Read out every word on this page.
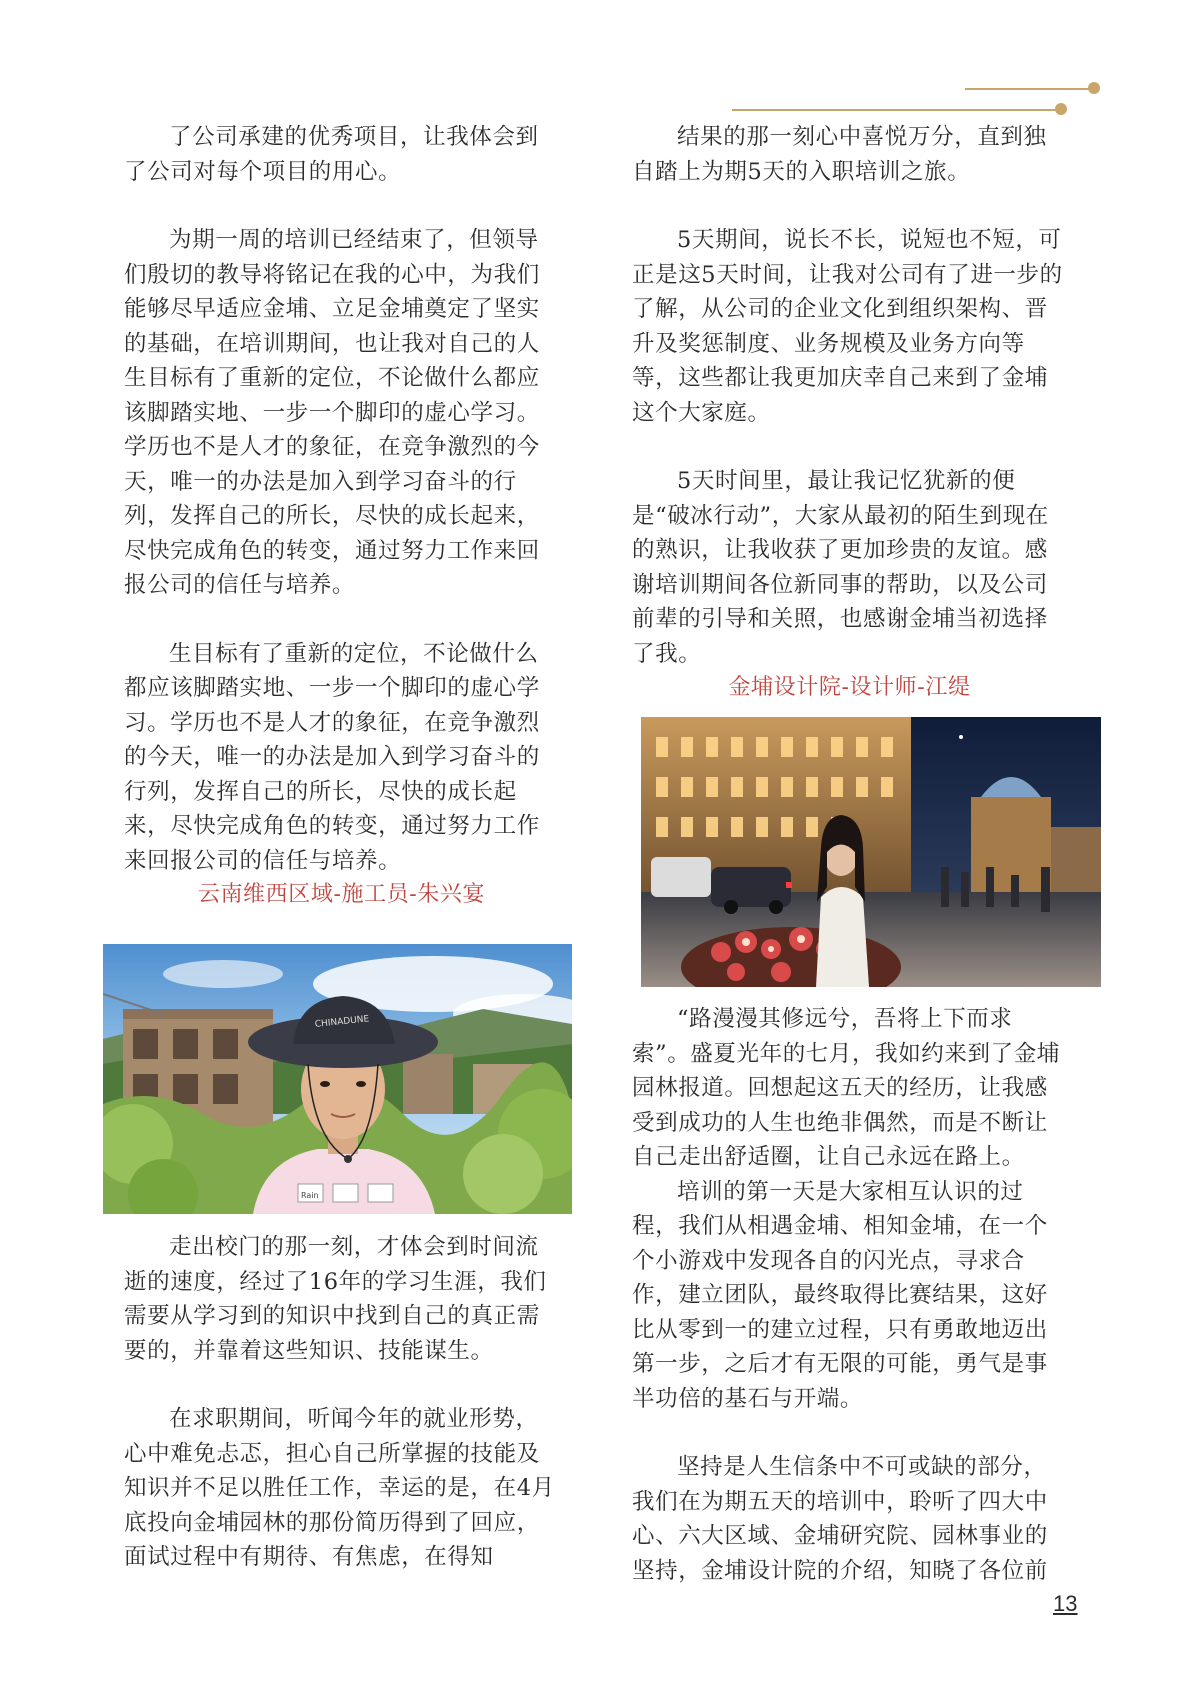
了公司承建的优秀项目，让我体会到了公司对每个项目的用心。

为期一周的培训已经结束了，但领导们殷切的教导将铭记在我的心中，为我们能够尽早适应金埔、立足金埔奠定了坚实的基础，在培训期间，也让我对自己的人生目标有了重新的定位，不论做什么都应该脚踏实地、一步一个脚印的虚心学习。学历也不是人才的象征，在竞争激烈的今天，唯一的办法是加入到学习奋斗的行列，发挥自己的所长，尽快的成长起来，尽快完成角色的转变，通过努力工作来回报公司的信任与培养。

生目标有了重新的定位，不论做什么都应该脚踏实地、一步一个脚印的虚心学习。学历也不是人才的象征，在竞争激烈的今天，唯一的办法是加入到学习奋斗的行列，发挥自己的所长，尽快的成长起来，尽快完成角色的转变，通过努力工作来回报公司的信任与培养。

云南维西区域-施工员-朱兴宴

Rain
CHINADUNE

走出校门的那一刻，才体会到时间流逝的速度，经过了16年的学习生涯，我们需要从学习到的知识中找到自己的真正需要的，并靠着这些知识、技能谋生。

在求职期间，听闻今年的就业形势，心中难免忐忑，担心自己所掌握的技能及知识并不足以胜任工作，幸运的是，在4月底投向金埔园林的那份简历得到了回应，面试过程中有期待、有焦虑，在得知

结果的那一刻心中喜悦万分，直到独自踏上为期5天的入职培训之旅。

5天期间，说长不长，说短也不短，可正是这5天时间，让我对公司有了进一步的了解，从公司的企业文化到组织架构、晋升及奖惩制度、业务规模及业务方向等等，这些都让我更加庆幸自己来到了金埔这个大家庭。

5天时间里，最让我记忆犹新的便是“破冰行动”，大家从最初的陌生到现在的熟识，让我收获了更加珍贵的友谊。感谢培训期间各位新同事的帮助，以及公司前辈的引导和关照，也感谢金埔当初选择了我。

金埔设计院-设计师-江缇

“路漫漫其修远兮，吾将上下而求索”。盛夏光年的七月，我如约来到了金埔园林报道。回想起这五天的经历，让我感受到成功的人生也绝非偶然，而是不断让自己走出舒适圈，让自己永远在路上。

培训的第一天是大家相互认识的过程，我们从相遇金埔、相知金埔，在一个个小游戏中发现各自的闪光点，寻求合作，建立团队，最终取得比赛结果，这好比从零到一的建立过程，只有勇敢地迈出第一步，之后才有无限的可能，勇气是事半功倍的基石与开端。

坚持是人生信条中不可或缺的部分，我们在为期五天的培训中，聆听了四大中心、六大区域、金埔研究院、园林事业的坚持，金埔设计院的介绍，知晓了各位前

13
